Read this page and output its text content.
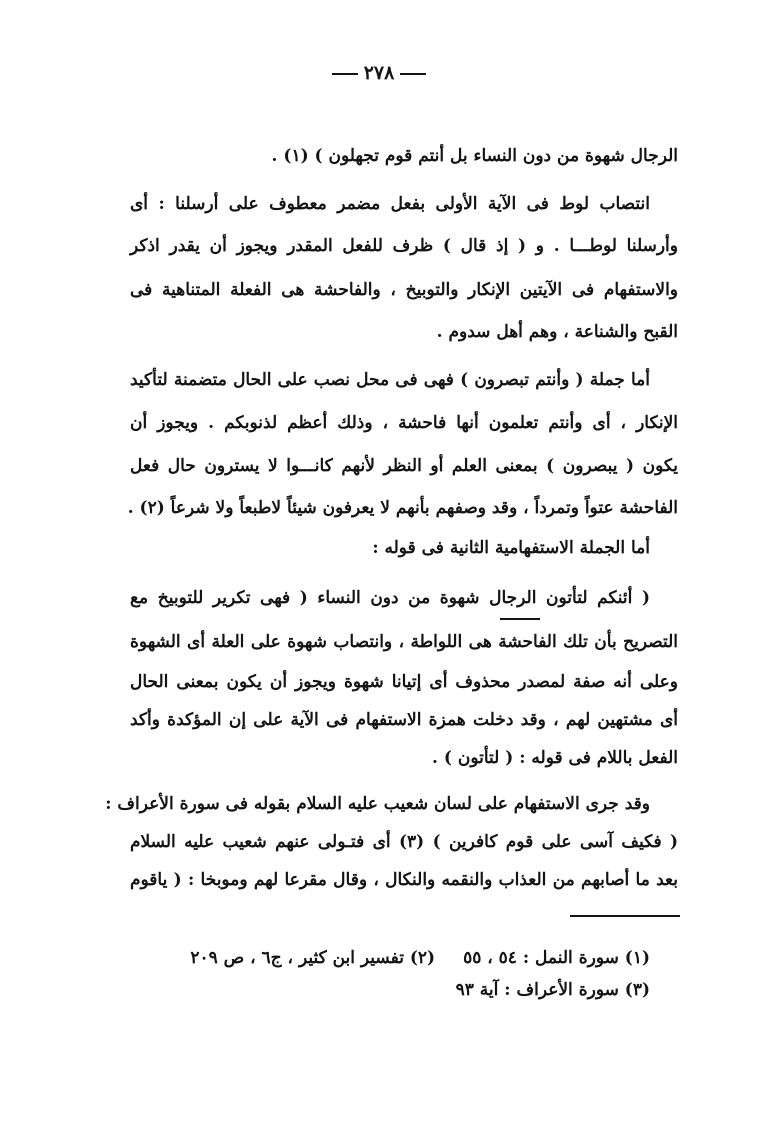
٢٧٨
الرجال شهوة من دون النساء بل أنتم قوم تجهلون ) (١) .
انتصاب لوط فى الآية الأولى بفعل مضمر معطوف على أرسلنا : أى
وأرسلنا لوطـــا . و ( إذ قال ) ظرف للفعل المقدر ويجوز أن يقدر اذكر
والاستفهام فى الآيتين الإنكار والتوبيخ ، والفاحشة هى الفعلة المتناهية فى
القبح والشناعة ، وهم أهل سدوم .
أما جملة ( وأنتم تبصرون ) فهى فى محل نصب على الحال متضمنة لتأكيد
الإنكار ، أى وأنتم تعلمون أنها فاحشة ، وذلك أعظم لذنوبكم . ويجوز أن
يكون ( يبصرون ) بمعنى العلم أو النظر لأنهم كانـــوا لا يسترون حال فعل
الفاحشة عتواً وتمرداً ، وقد وصفهم بأنهم لا يعرفون شيئاً لاطبعاً ولا شرعاً (٢) .
أما الجملة الاستفهامية الثانية فى قوله :
( أئنكم لتأتون الرجال شهوة من دون النساء ( فهى تكرير للتوبيخ مع
التصريح بأن تلك الفاحشة هى اللواطة ، وانتصاب شهوة على العلة أى الشهوة
وعلى أنه صفة لمصدر محذوف أى إتيانا شهوة ويجوز أن يكون بمعنى الحال
أى مشتهين لهم ، وقد دخلت همزة الاستفهام فى الآية على إن المؤكدة وأكد
الفعل باللام فى قوله : ( لتأتون ) .
وقد جرى الاستفهام على لسان شعيب عليه السلام بقوله فى سورة الأعراف :
( فكيف آسى على قوم كافرين ) (٣) أى فتـولى عنهم شعيب عليه السلام
بعد ما أصابهم من العذاب والنقمه والنكال ، وقال مقرعا لهم وموبخا : ( ياقوم
(١) سورة النمل : ٥٤ ، ٥٥(٢) تفسير ابن كثير ، ج٦ ، ص ٢٠٩
(٣) سورة الأعراف : آية ٩٣
